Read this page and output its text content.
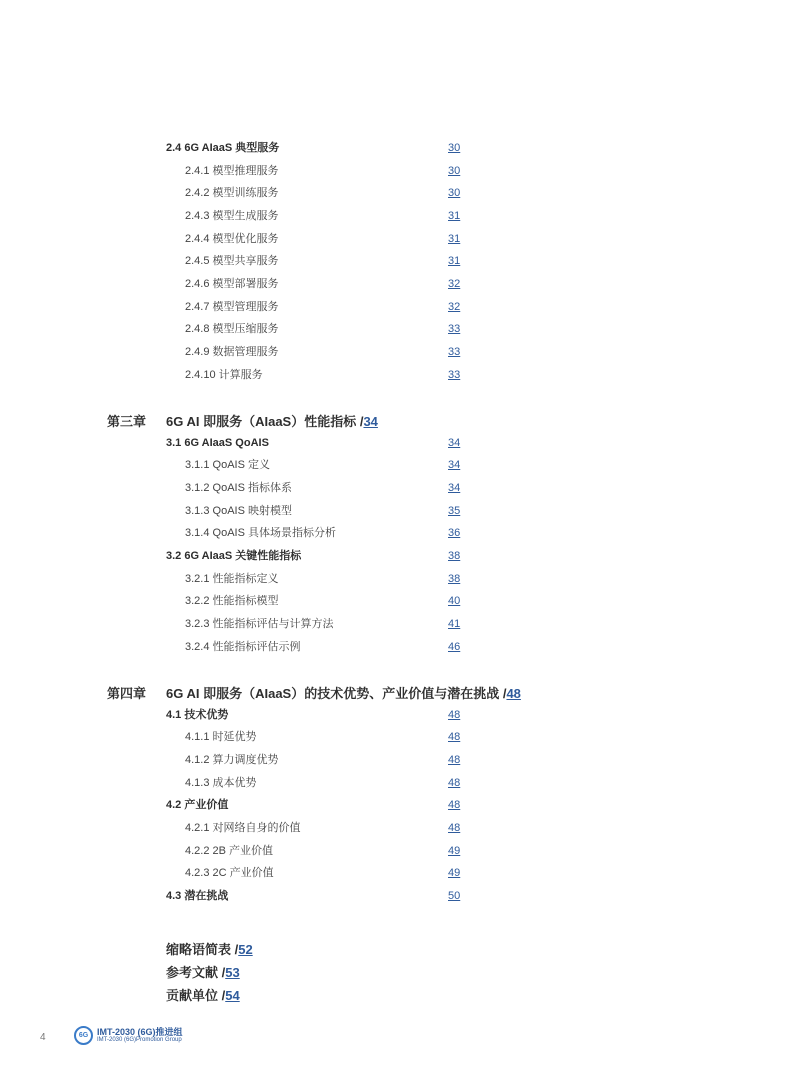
2.4 6G AIaaS 典型服务	30
2.4.1 模型推理服务	30
2.4.2 模型训练服务	30
2.4.3 模型生成服务	31
2.4.4 模型优化服务	31
2.4.5 模型共享服务	31
2.4.6 模型部署服务	32
2.4.7 模型管理服务	32
2.4.8 模型压缩服务	33
2.4.9 数据管理服务	33
2.4.10 计算服务	33
第三章 6G AI 即服务（AIaaS）性能指标 /34
3.1 6G AIaaS QoAIS	34
3.1.1 QoAIS 定义	34
3.1.2 QoAIS 指标体系	34
3.1.3 QoAIS 映射模型	35
3.1.4 QoAIS 具体场景指标分析	36
3.2 6G AIaaS 关键性能指标	38
3.2.1 性能指标定义	38
3.2.2 性能指标模型	40
3.2.3 性能指标评估与计算方法	41
3.2.4 性能指标评估示例	46
第四章 6G AI 即服务（AIaaS）的技术优势、产业价值与潜在挑战 /48
4.1 技术优势	48
4.1.1 时延优势	48
4.1.2 算力调度优势	48
4.1.3 成本优势	48
4.2 产业价值	48
4.2.1 对网络自身的价值	48
4.2.2 2B 产业价值	49
4.2.3 2C 产业价值	49
4.3 潜在挑战	50
缩略语简表 /52
参考文献 /53
贡献单位 /54
4	6G IMT-2030 (6G)推进组
IMT-2030 (6G)Promotion Group
